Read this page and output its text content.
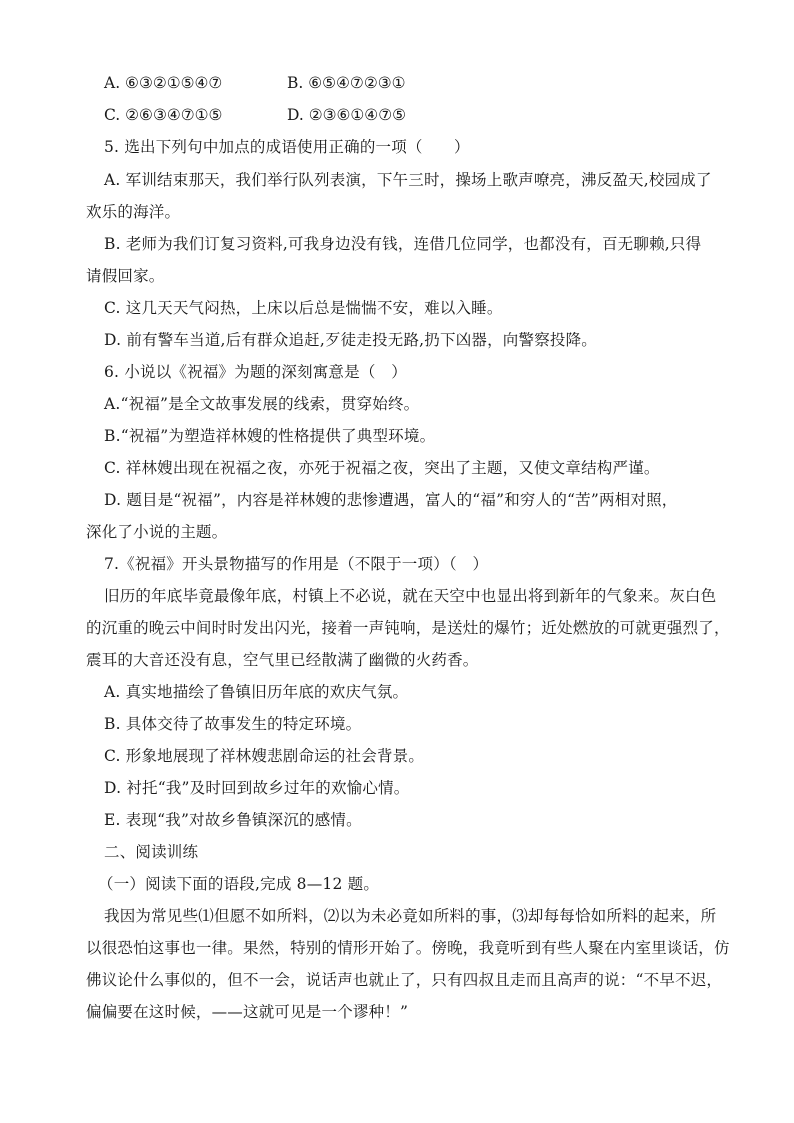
A. ⑥③②①⑤④⑦	B. ⑥⑤④⑦②③①
C. ②⑥③④⑦①⑤	D. ②③⑥①④⑦⑤
5. 选出下列句中加点的成语使用正确的一项（　　）
A. 军训结束那天，我们举行队列表演，下午三时，操场上歌声嘹亮，沸反盈天,校园成了
欢乐的海洋。
B. 老师为我们订复习资料,可我身边没有钱，连借几位同学，也都没有，百无聊赖,只得
请假回家。
C. 这几天天气闷热，上床以后总是惴惴不安，难以入睡。
D. 前有警车当道,后有群众追赶,歹徒走投无路,扔下凶器，向警察投降。
6. 小说以《祝福》为题的深刻寓意是（　）
A.“祝福”是全文故事发展的线索，贯穿始终。
B.“祝福”为塑造祥林嫂的性格提供了典型环境。
C. 祥林嫂出现在祝福之夜，亦死于祝福之夜，突出了主题，又使文章结构严谨。
D. 题目是“祝福”，内容是祥林嫂的悲惨遭遇，富人的“福”和穷人的“苦”两相对照，
深化了小说的主题。
7.《祝福》开头景物描写的作用是（不限于一项）（　）
旧历的年底毕竟最像年底，村镇上不必说，就在天空中也显出将到新年的气象来。灰白色
的沉重的晚云中间时时发出闪光，接着一声钝响，是送灶的爆竹；近处燃放的可就更强烈了，
震耳的大音还没有息，空气里已经散满了幽微的火药香。
A. 真实地描绘了鲁镇旧历年底的欢庆气氛。
B. 具体交待了故事发生的特定环境。
C. 形象地展现了祥林嫂悲剧命运的社会背景。
D. 衬托“我”及时回到故乡过年的欢愉心情。
E. 表现“我”对故乡鲁镇深沉的感情。
二、阅读训练
（一）阅读下面的语段,完成 8—12 题。
我因为常见些⑴但愿不如所料，⑵以为未必竟如所料的事，⑶却每每恰如所料的起来，所
以很恐怕这事也一律。果然，特别的情形开始了。傍晚，我竟听到有些人聚在内室里谈话，仿
佛议论什么事似的，但不一会，说话声也就止了，只有四叔且走而且高声的说：“不早不迟，
偏偏要在这时候，——这就可见是一个谬种！”
